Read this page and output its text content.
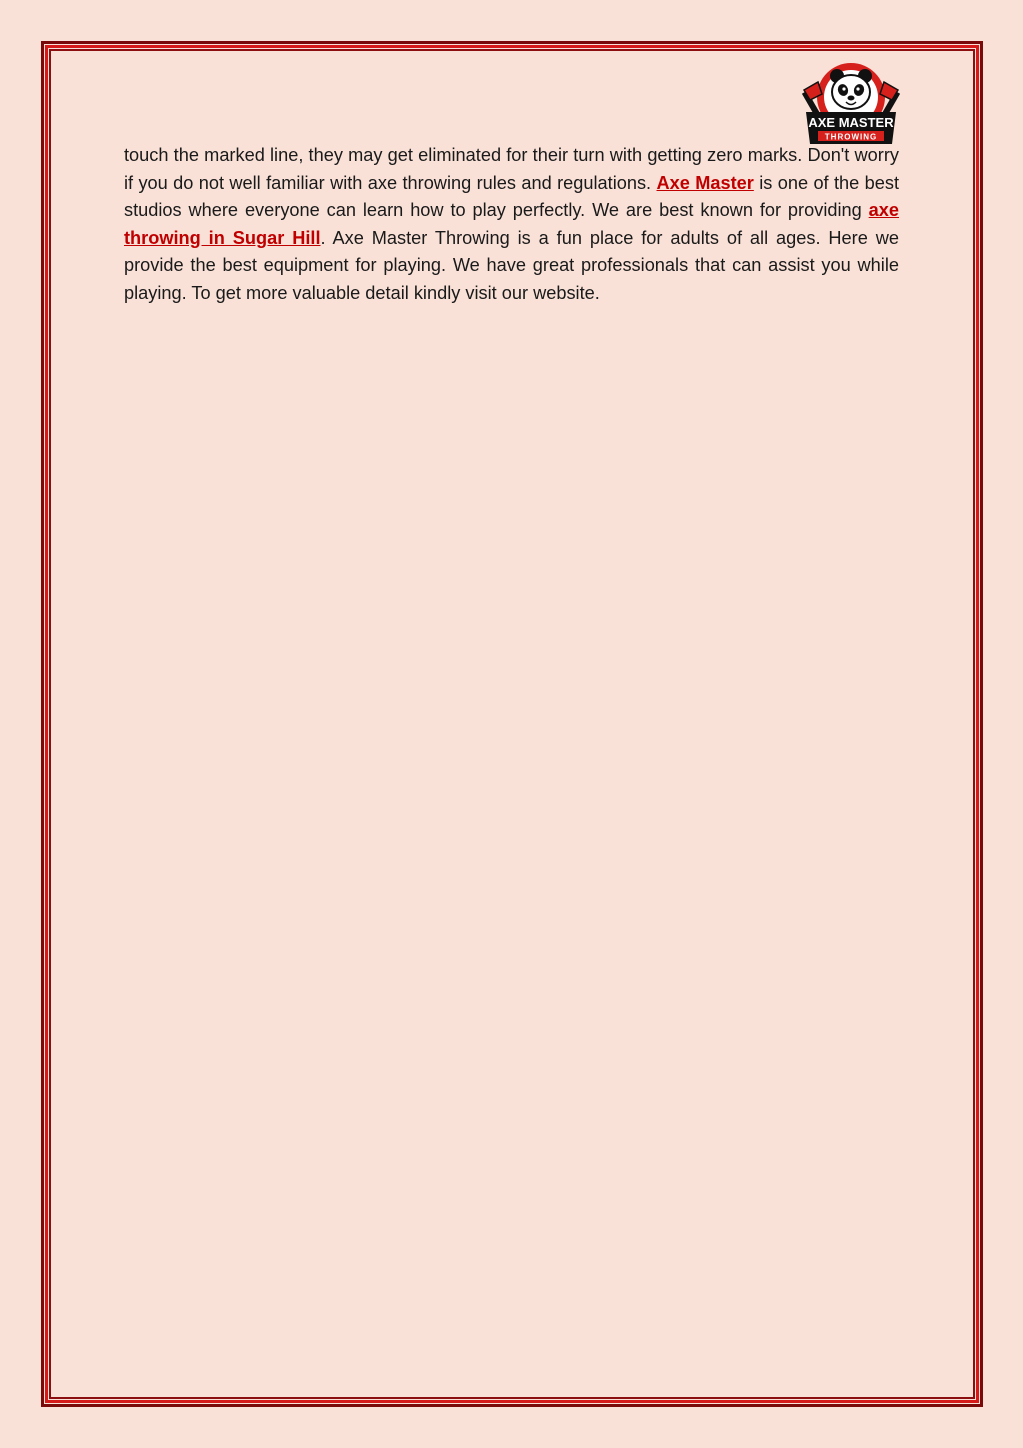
AXE MASTER
THROWING

touch the marked line, they may get eliminated for their turn with getting zero marks. Don't worry if you do not well familiar with axe throwing rules and regulations. Axe Master is one of the best studios where everyone can learn how to play perfectly. We are best known for providing axe throwing in Sugar Hill. Axe Master Throwing is a fun place for adults of all ages. Here we provide the best equipment for playing. We have great professionals that can assist you while playing. To get more valuable detail kindly visit our website.
